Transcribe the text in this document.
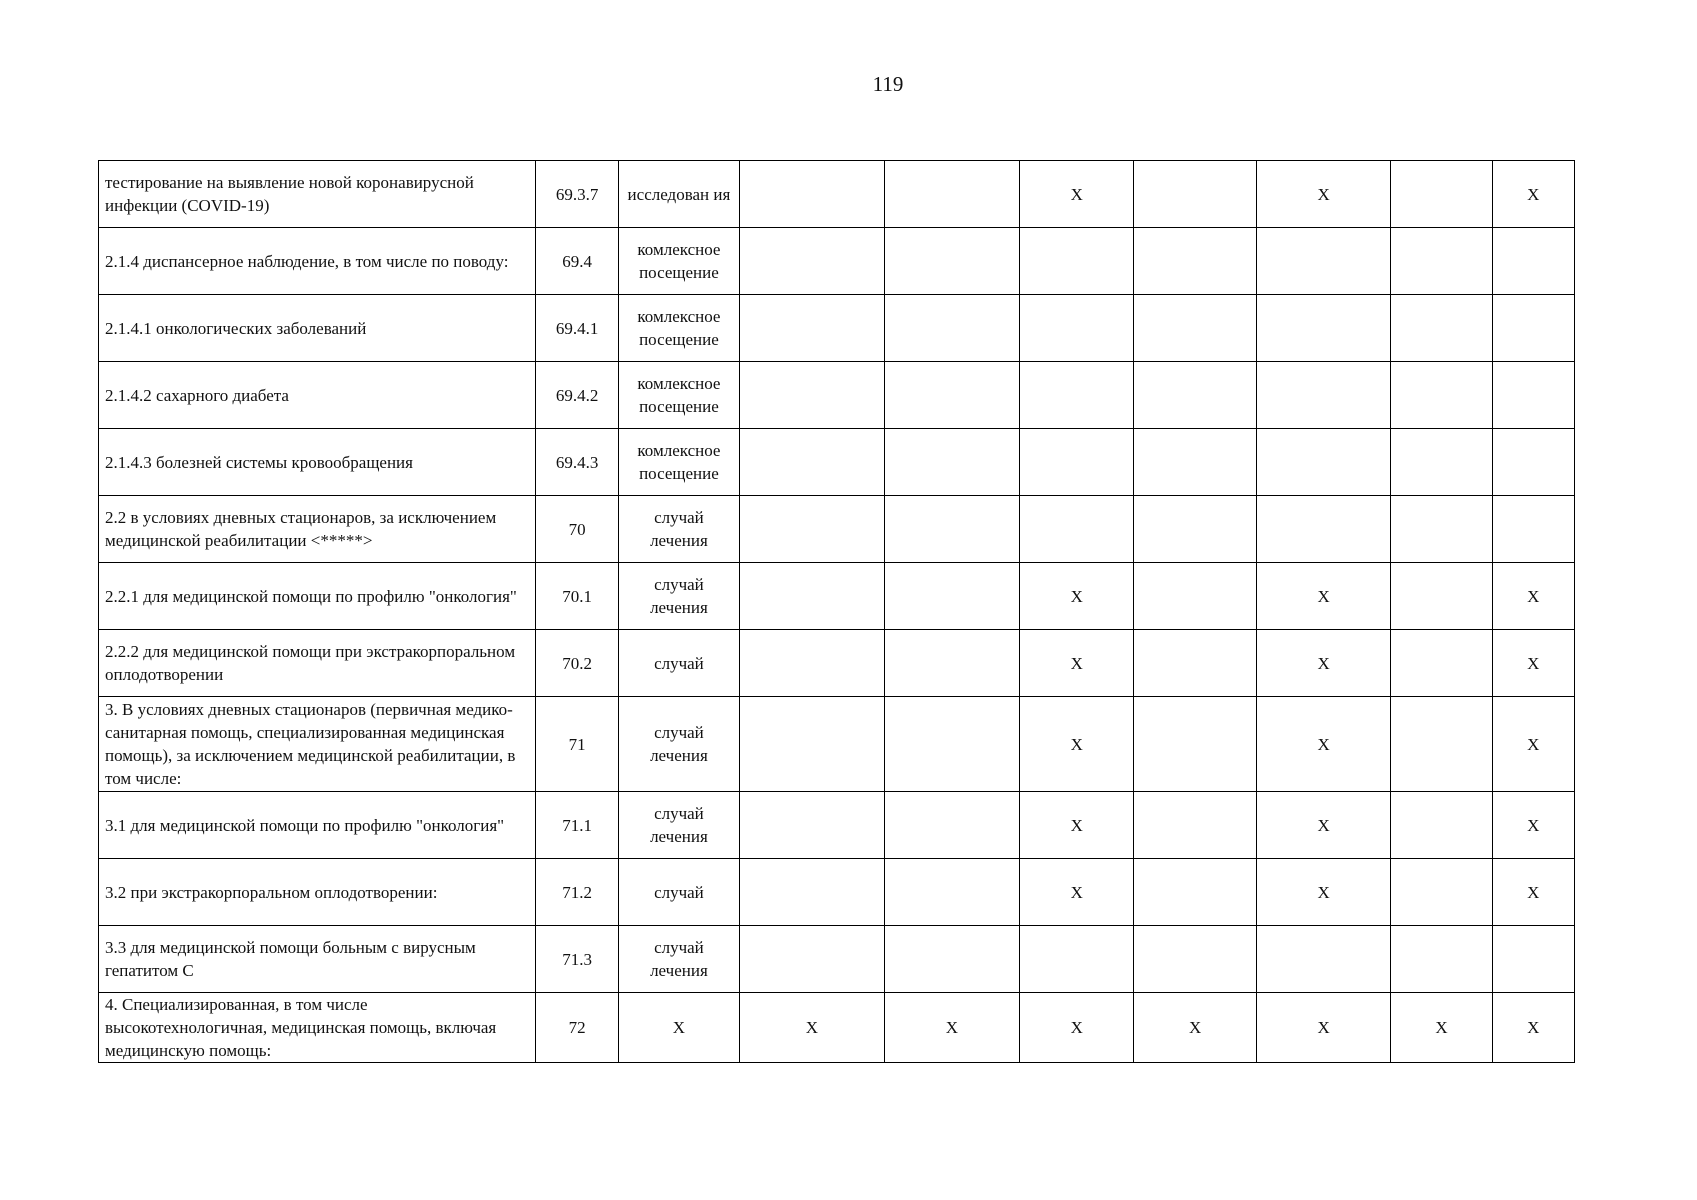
119
тестирование на выявление новой коронавирусной инфекции (COVID-19)	69.3.7	исследован ия			X		X		X
2.1.4 диспансерное наблюдение, в том числе по поводу:	69.4	комлексное посещение							
2.1.4.1 онкологических заболеваний	69.4.1	комлексное посещение							
2.1.4.2 сахарного диабета	69.4.2	комлексное посещение							
2.1.4.3 болезней системы кровообращения	69.4.3	комлексное посещение							
2.2 в условиях дневных стационаров, за исключением медицинской реабилитации <*****>	70	случай лечения							
2.2.1 для медицинской помощи по профилю "онкология"	70.1	случай лечения			X		X		X
2.2.2 для медицинской помощи при экстракорпоральном оплодотворении	70.2	случай			X		X		X
3. В условиях дневных стационаров (первичная медико-санитарная помощь, специализированная медицинская помощь), за исключением медицинской реабилитации, в том числе:	71	случай лечения			X		X		X
3.1 для медицинской помощи по профилю "онкология"	71.1	случай лечения			X		X		X
3.2 при экстракорпоральном оплодотворении:	71.2	случай			X		X		X
3.3 для медицинской помощи больным с вирусным гепатитом С	71.3	случай лечения							
4. Специализированная, в том числе высокотехнологичная, медицинская помощь, включая медицинскую помощь:	72	X	X	X	X	X	X	X	X
